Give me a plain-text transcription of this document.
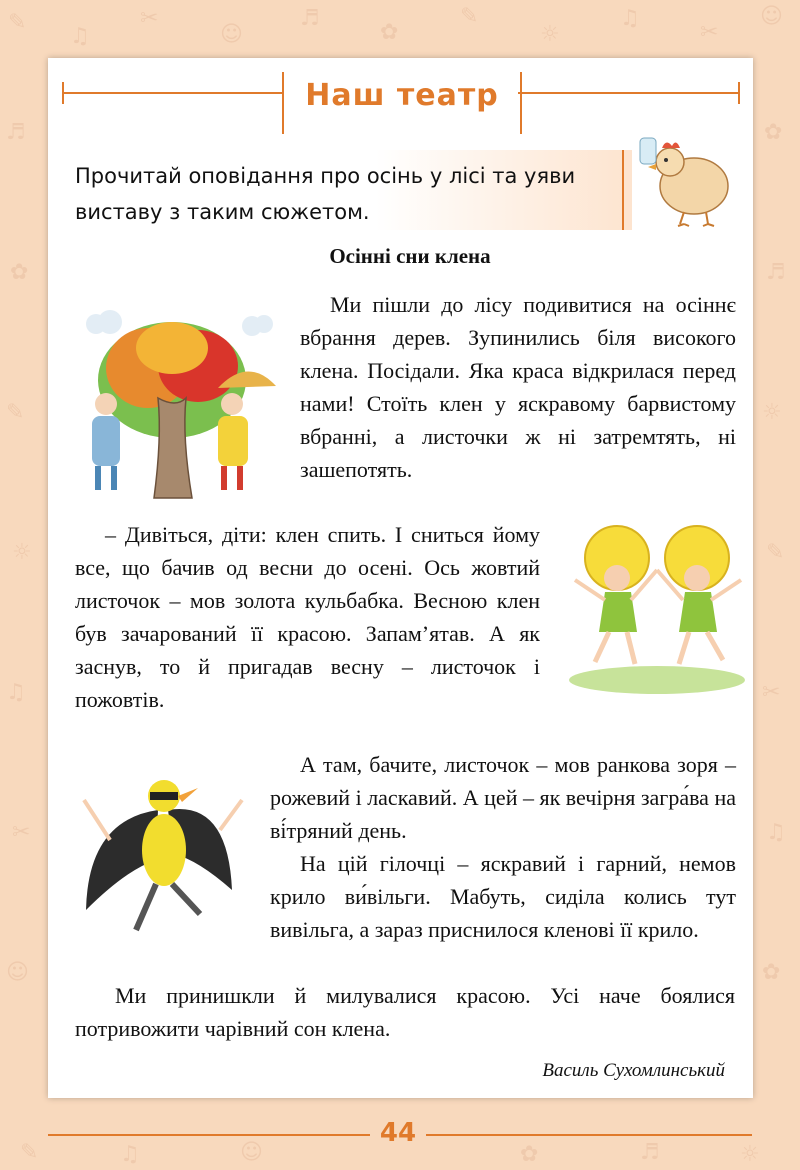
✎
♫
✂
☺
♬
✿
✎
☼
♫
✂
☺
♬
✿
✎
☼
♫
✂
☺
✿
♬
☼
✎
✂
♫
✿
✎	♫	☺	✿	♬	☼
Наш театр
Прочитай оповідання про осінь у лісі та уяви виставу з таким сюжетом.
Осінні сни клена

Ми пішли до лісу подивитися на осіннє вбрання дерев. Зупинились біля високого клена. Посідали. Яка краса відкрилася перед нами! Стоїть клен у яскравому барвистому вбранні, а листочки ж ні затремтять, ні зашепотять.

– Дивіться, діти: клен спить. І сниться йому все, що бачив од весни до осені. Ось жовтий листочок – мов золота кульбабка. Весною клен був зачарований її красою. Запам’ятав. А як заснув, то й пригадав весну – листочок і пожовтів.

А там, бачите, листочок – мов ранкова зоря – рожевий і ласкавий. А цей – як вечірня загра́ва на ві́тряний день.

На цій гілочці – яскравий і гарний, немов крило ви́вільги. Мабуть, сиділа колись тут вивільга, а зараз приснилося кленові її крило.

Ми принишкли й милувалися красою. Усі наче боялися потривожити чарівний сон клена.

Василь Сухомлинський
44
